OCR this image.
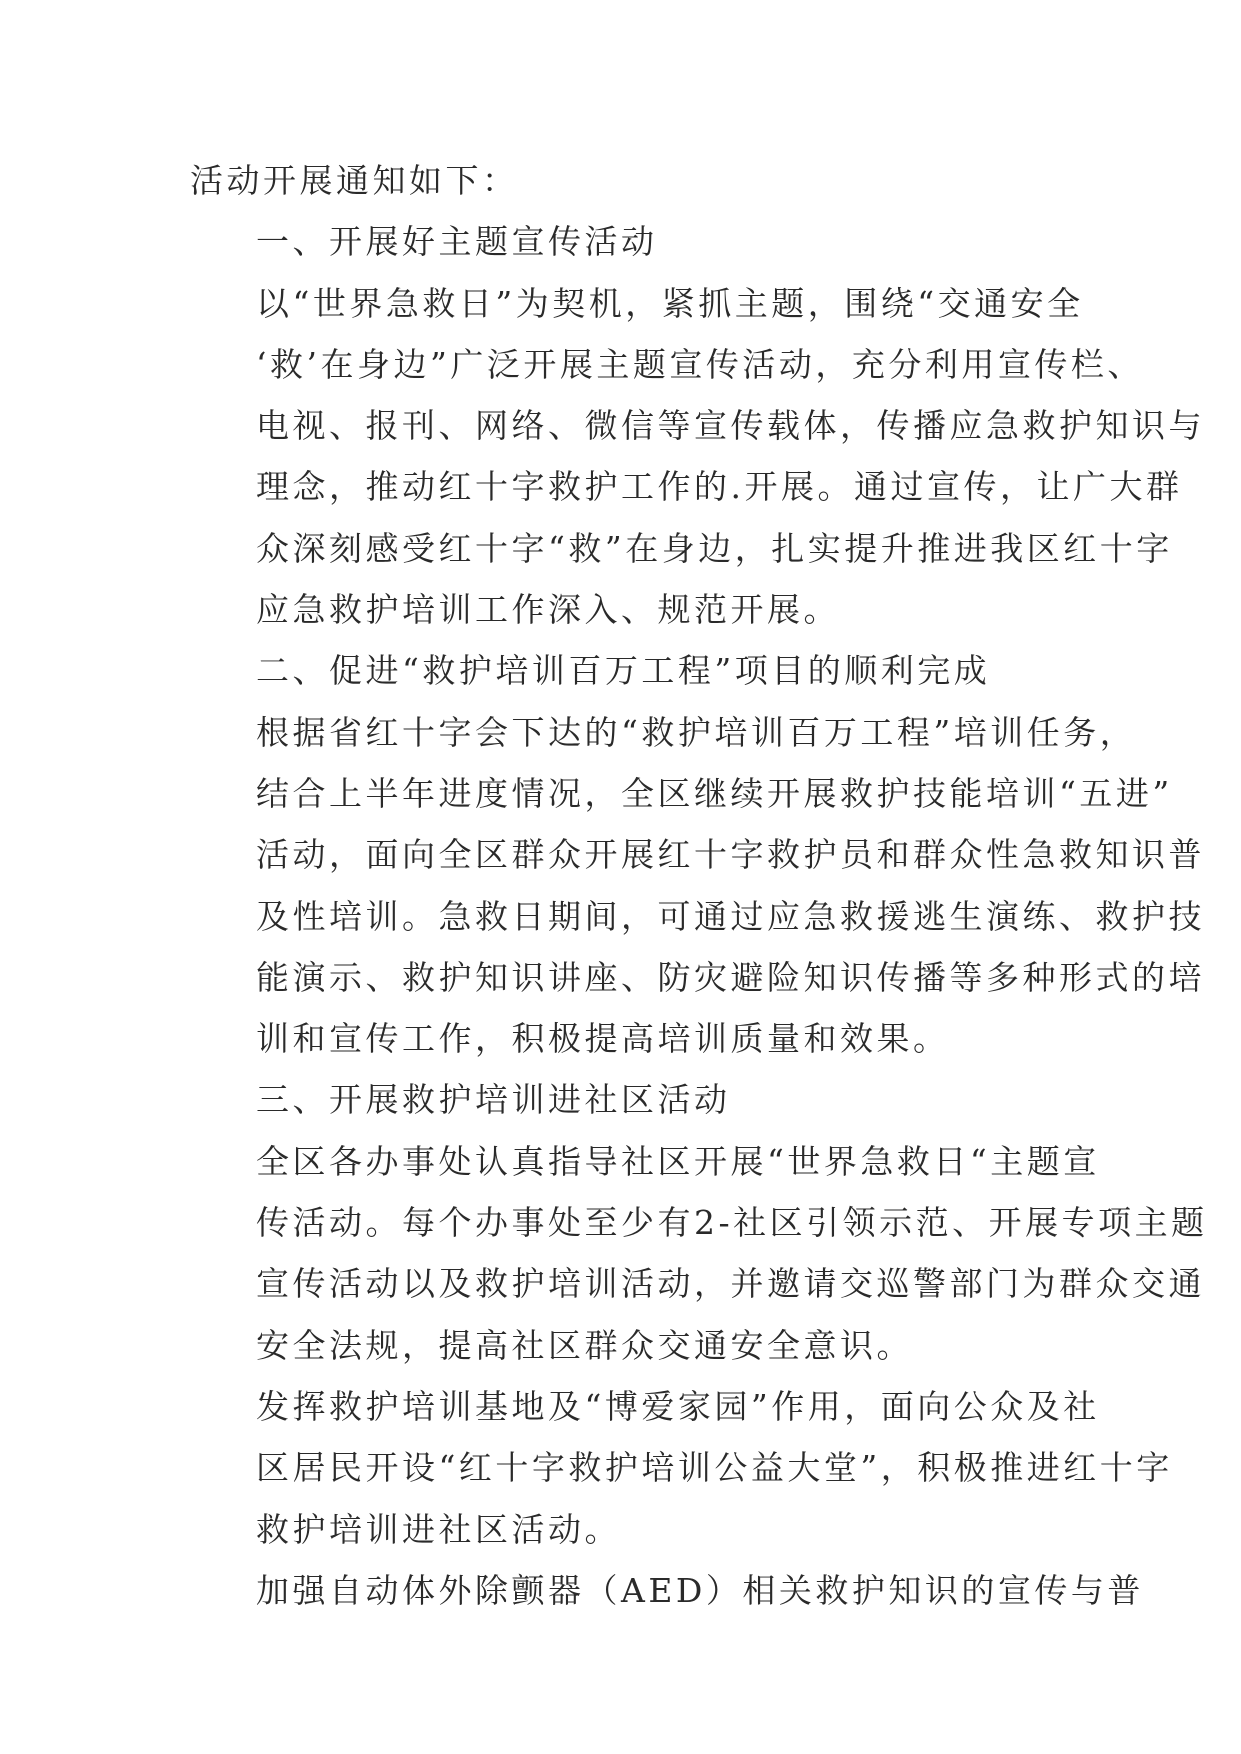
活动开展通知如下：
一、开展好主题宣传活动
以“世界急救日”为契机，紧抓主题，围绕“交通安全
‘救’在身边”广泛开展主题宣传活动，充分利用宣传栏、
电视、报刊、网络、微信等宣传载体，传播应急救护知识与
理念，推动红十字救护工作的.开展。通过宣传，让广大群
众深刻感受红十字“救”在身边，扎实提升推进我区红十字
应急救护培训工作深入、规范开展。
二、促进“救护培训百万工程”项目的顺利完成
根据省红十字会下达的“救护培训百万工程”培训任务，
结合上半年进度情况，全区继续开展救护技能培训“五进”
活动，面向全区群众开展红十字救护员和群众性急救知识普
及性培训。急救日期间，可通过应急救援逃生演练、救护技
能演示、救护知识讲座、防灾避险知识传播等多种形式的培
训和宣传工作，积极提高培训质量和效果。
三、开展救护培训进社区活动
全区各办事处认真指导社区开展“世界急救日“主题宣
传活动。每个办事处至少有2-社区引领示范、开展专项主题
宣传活动以及救护培训活动，并邀请交巡警部门为群众交通
安全法规，提高社区群众交通安全意识。
发挥救护培训基地及“博爱家园”作用，面向公众及社
区居民开设“红十字救护培训公益大堂”，积极推进红十字
救护培训进社区活动。
加强自动体外除颤器（AED）相关救护知识的宣传与普
